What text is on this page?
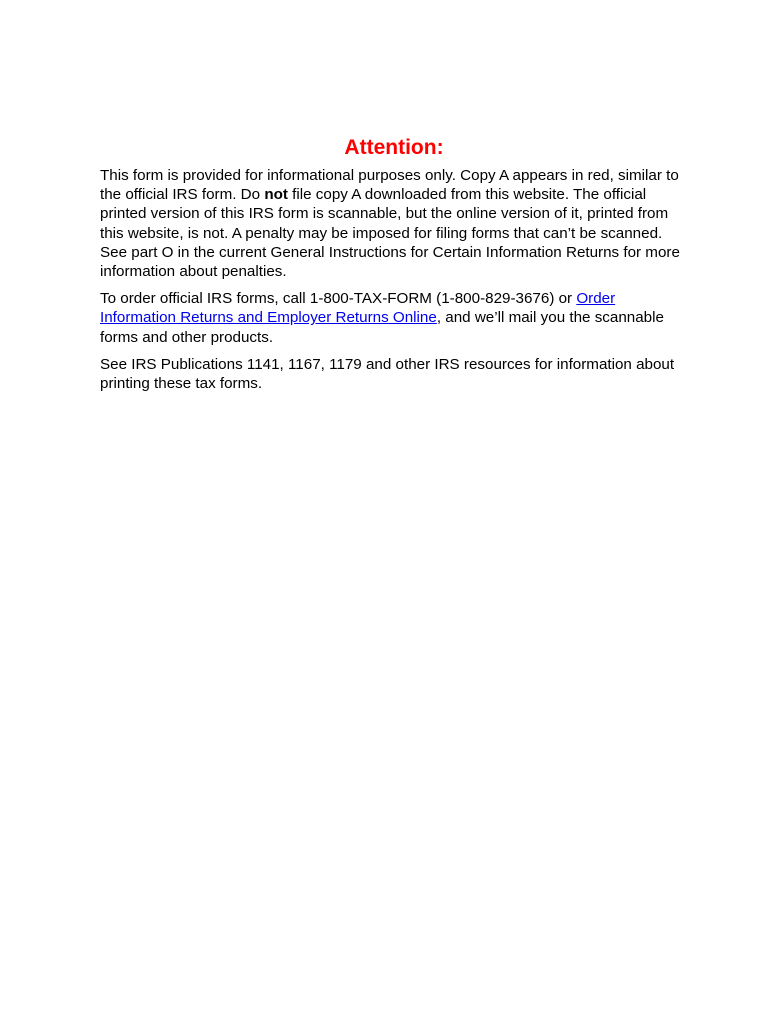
Attention:

This form is provided for informational purposes only. Copy A appears in red, similar to the official IRS form. Do not file copy A downloaded from this website. The official printed version of this IRS form is scannable, but the online version of it, printed from this website, is not. A penalty may be imposed for filing forms that can’t be scanned. See part O in the current General Instructions for Certain Information Returns for more information about penalties.

To order official IRS forms, call 1-800-TAX-FORM (1-800-829-3676) or Order Information Returns and Employer Returns Online, and we’ll mail you the scannable forms and other products.

See IRS Publications 1141, 1167, 1179 and other IRS resources for information about printing these tax forms.
